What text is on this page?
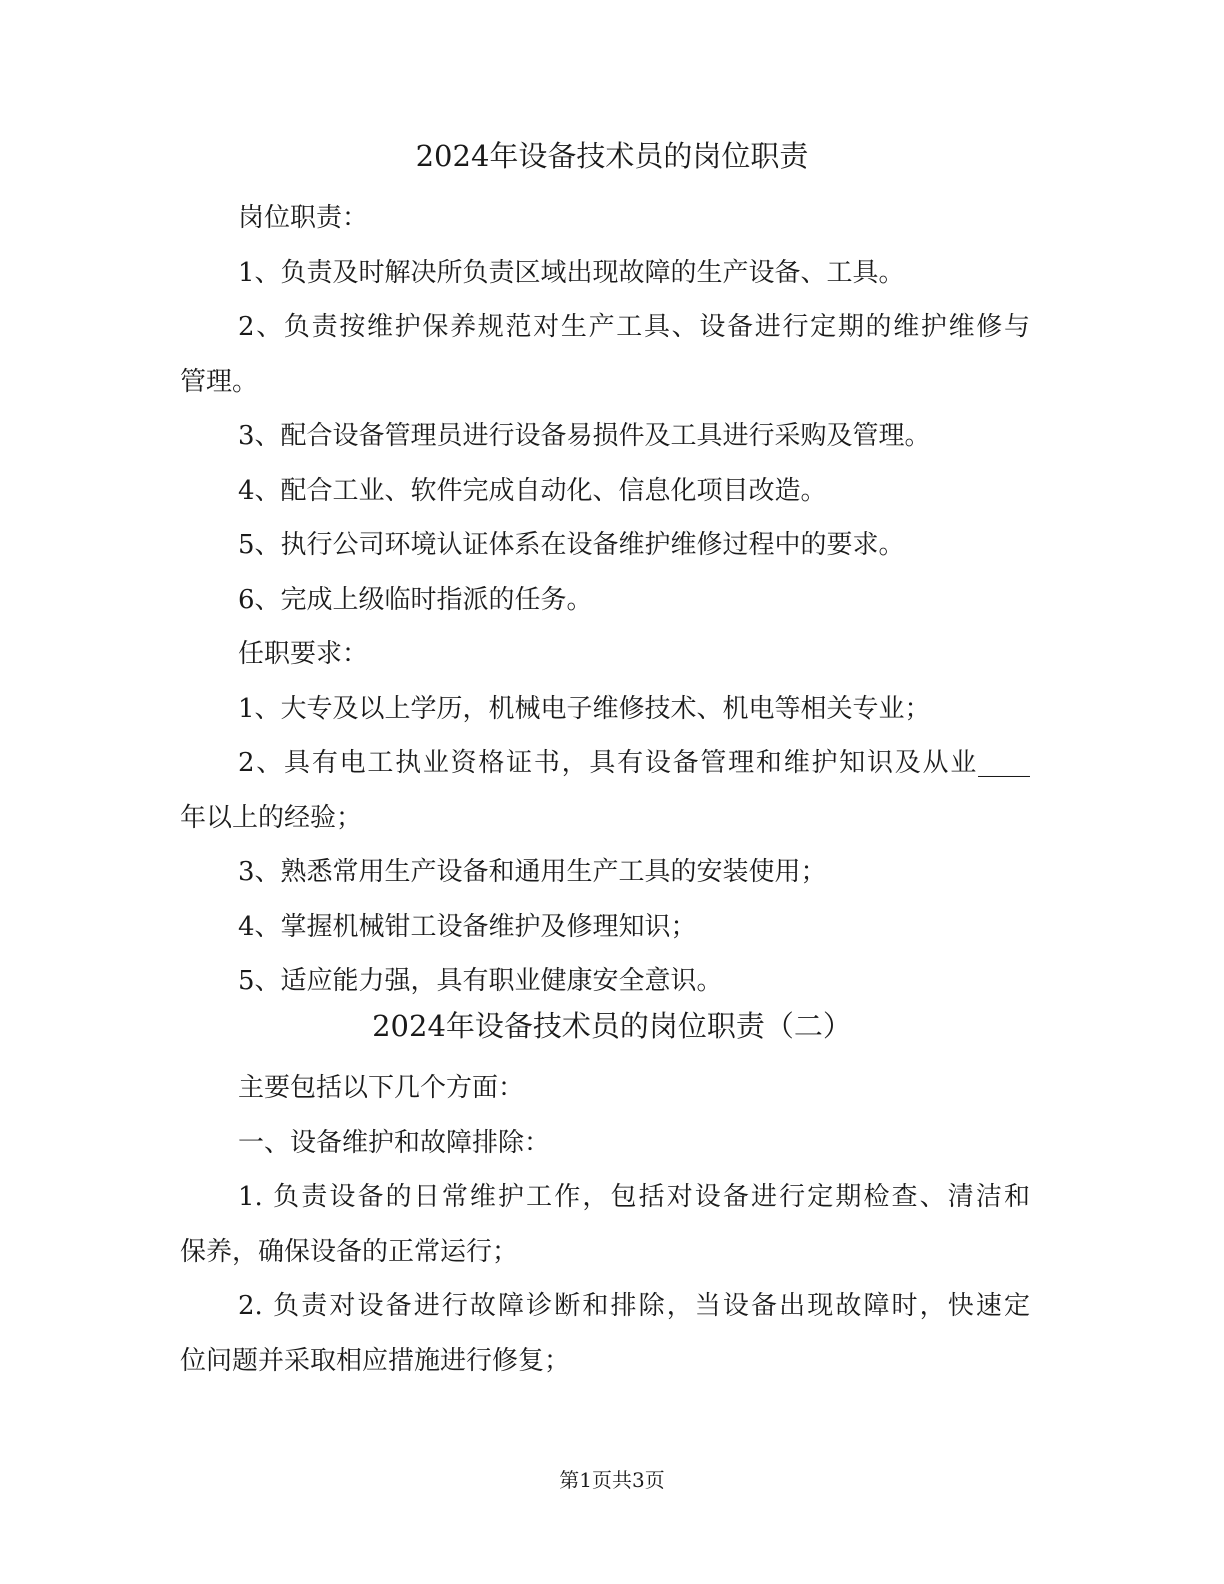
2024年设备技术员的岗位职责
岗位职责：
1、负责及时解决所负责区域出现故障的生产设备、工具。
2、负责按维护保养规范对生产工具、设备进行定期的维护维修与
管理。
3、配合设备管理员进行设备易损件及工具进行采购及管理。
4、配合工业、软件完成自动化、信息化项目改造。
5、执行公司环境认证体系在设备维护维修过程中的要求。
6、完成上级临时指派的任务。
任职要求：
1、大专及以上学历，机械电子维修技术、机电等相关专业；
2、具有电工执业资格证书，具有设备管理和维护知识及从业____
年以上的经验；
3、熟悉常用生产设备和通用生产工具的安装使用；
4、掌握机械钳工设备维护及修理知识；
5、适应能力强，具有职业健康安全意识。
2024年设备技术员的岗位职责（二）
主要包括以下几个方面：
一、设备维护和故障排除：
1. 负责设备的日常维护工作，包括对设备进行定期检查、清洁和
保养，确保设备的正常运行；
2. 负责对设备进行故障诊断和排除，当设备出现故障时，快速定
位问题并采取相应措施进行修复；
第1页共3页
